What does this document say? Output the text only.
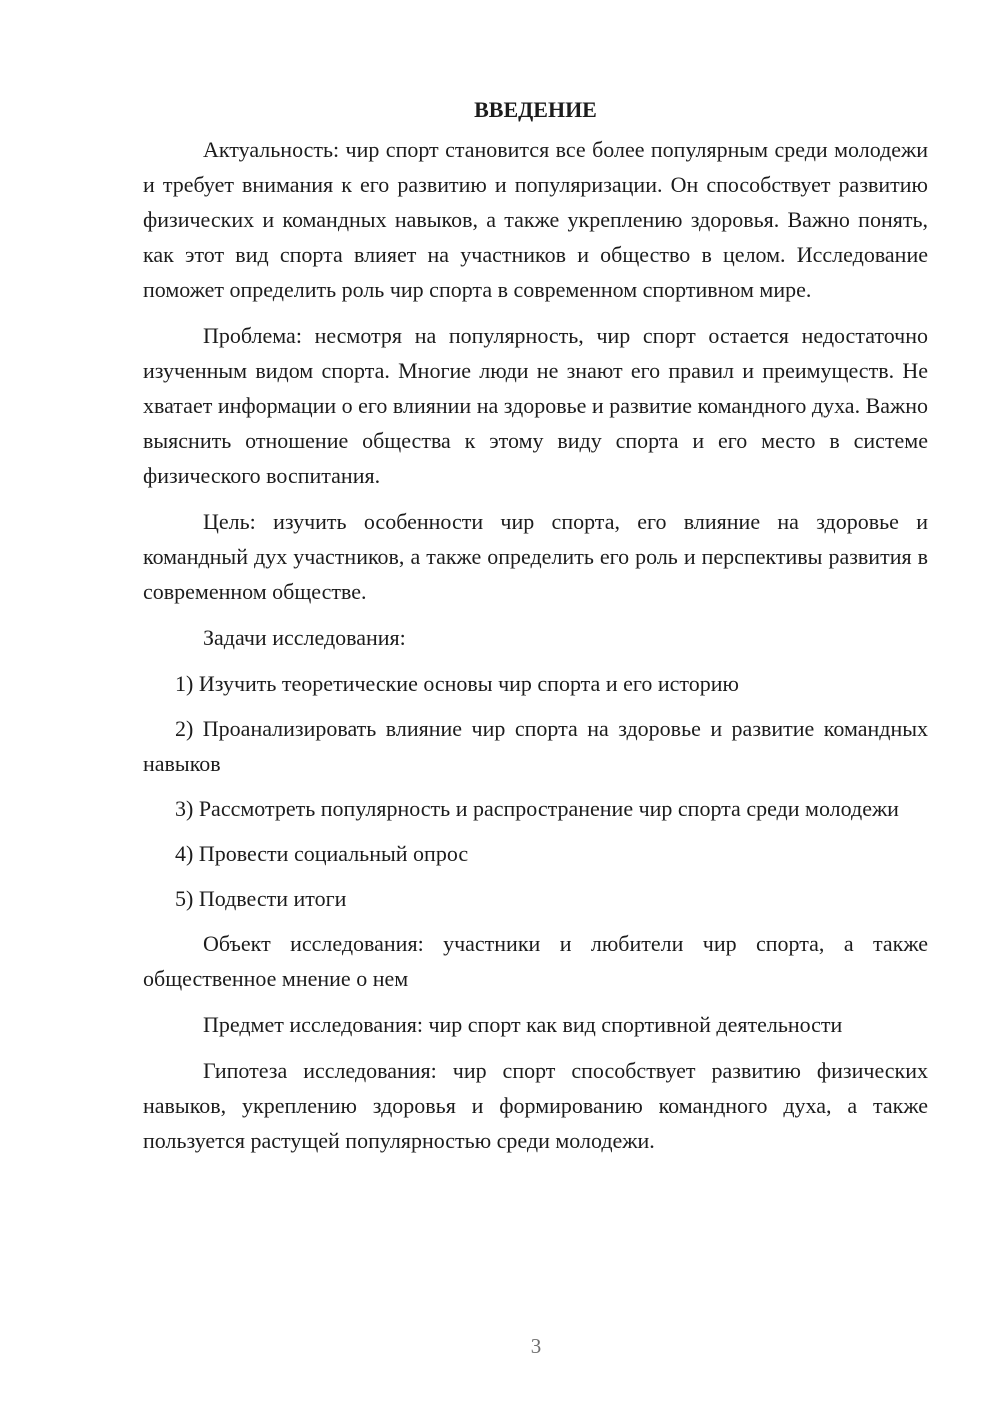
ВВЕДЕНИЕ

Актуальность: чир спорт становится все более популярным среди молодежи и требует внимания к его развитию и популяризации. Он способствует развитию физических и командных навыков, а также укреплению здоровья. Важно понять, как этот вид спорта влияет на участников и общество в целом. Исследование поможет определить роль чир спорта в современном спортивном мире.

Проблема: несмотря на популярность, чир спорт остается недостаточно изученным видом спорта. Многие люди не знают его правил и преимуществ. Не хватает информации о его влиянии на здоровье и развитие командного духа. Важно выяснить отношение общества к этому виду спорта и его место в системе физического воспитания.

Цель: изучить особенности чир спорта, его влияние на здоровье и командный дух участников, а также определить его роль и перспективы развития в современном обществе.

Задачи исследования:

1) Изучить теоретические основы чир спорта и его историю

2) Проанализировать влияние чир спорта на здоровье и развитие командных навыков

3) Рассмотреть популярность и распространение чир спорта среди молодежи

4) Провести социальный опрос

5) Подвести итоги

Объект исследования: участники и любители чир спорта, а также общественное мнение о нем

Предмет исследования: чир спорт как вид спортивной деятельности

Гипотеза исследования: чир спорт способствует развитию физических навыков, укреплению здоровья и формированию командного духа, а также пользуется растущей популярностью среди молодежи.

3
